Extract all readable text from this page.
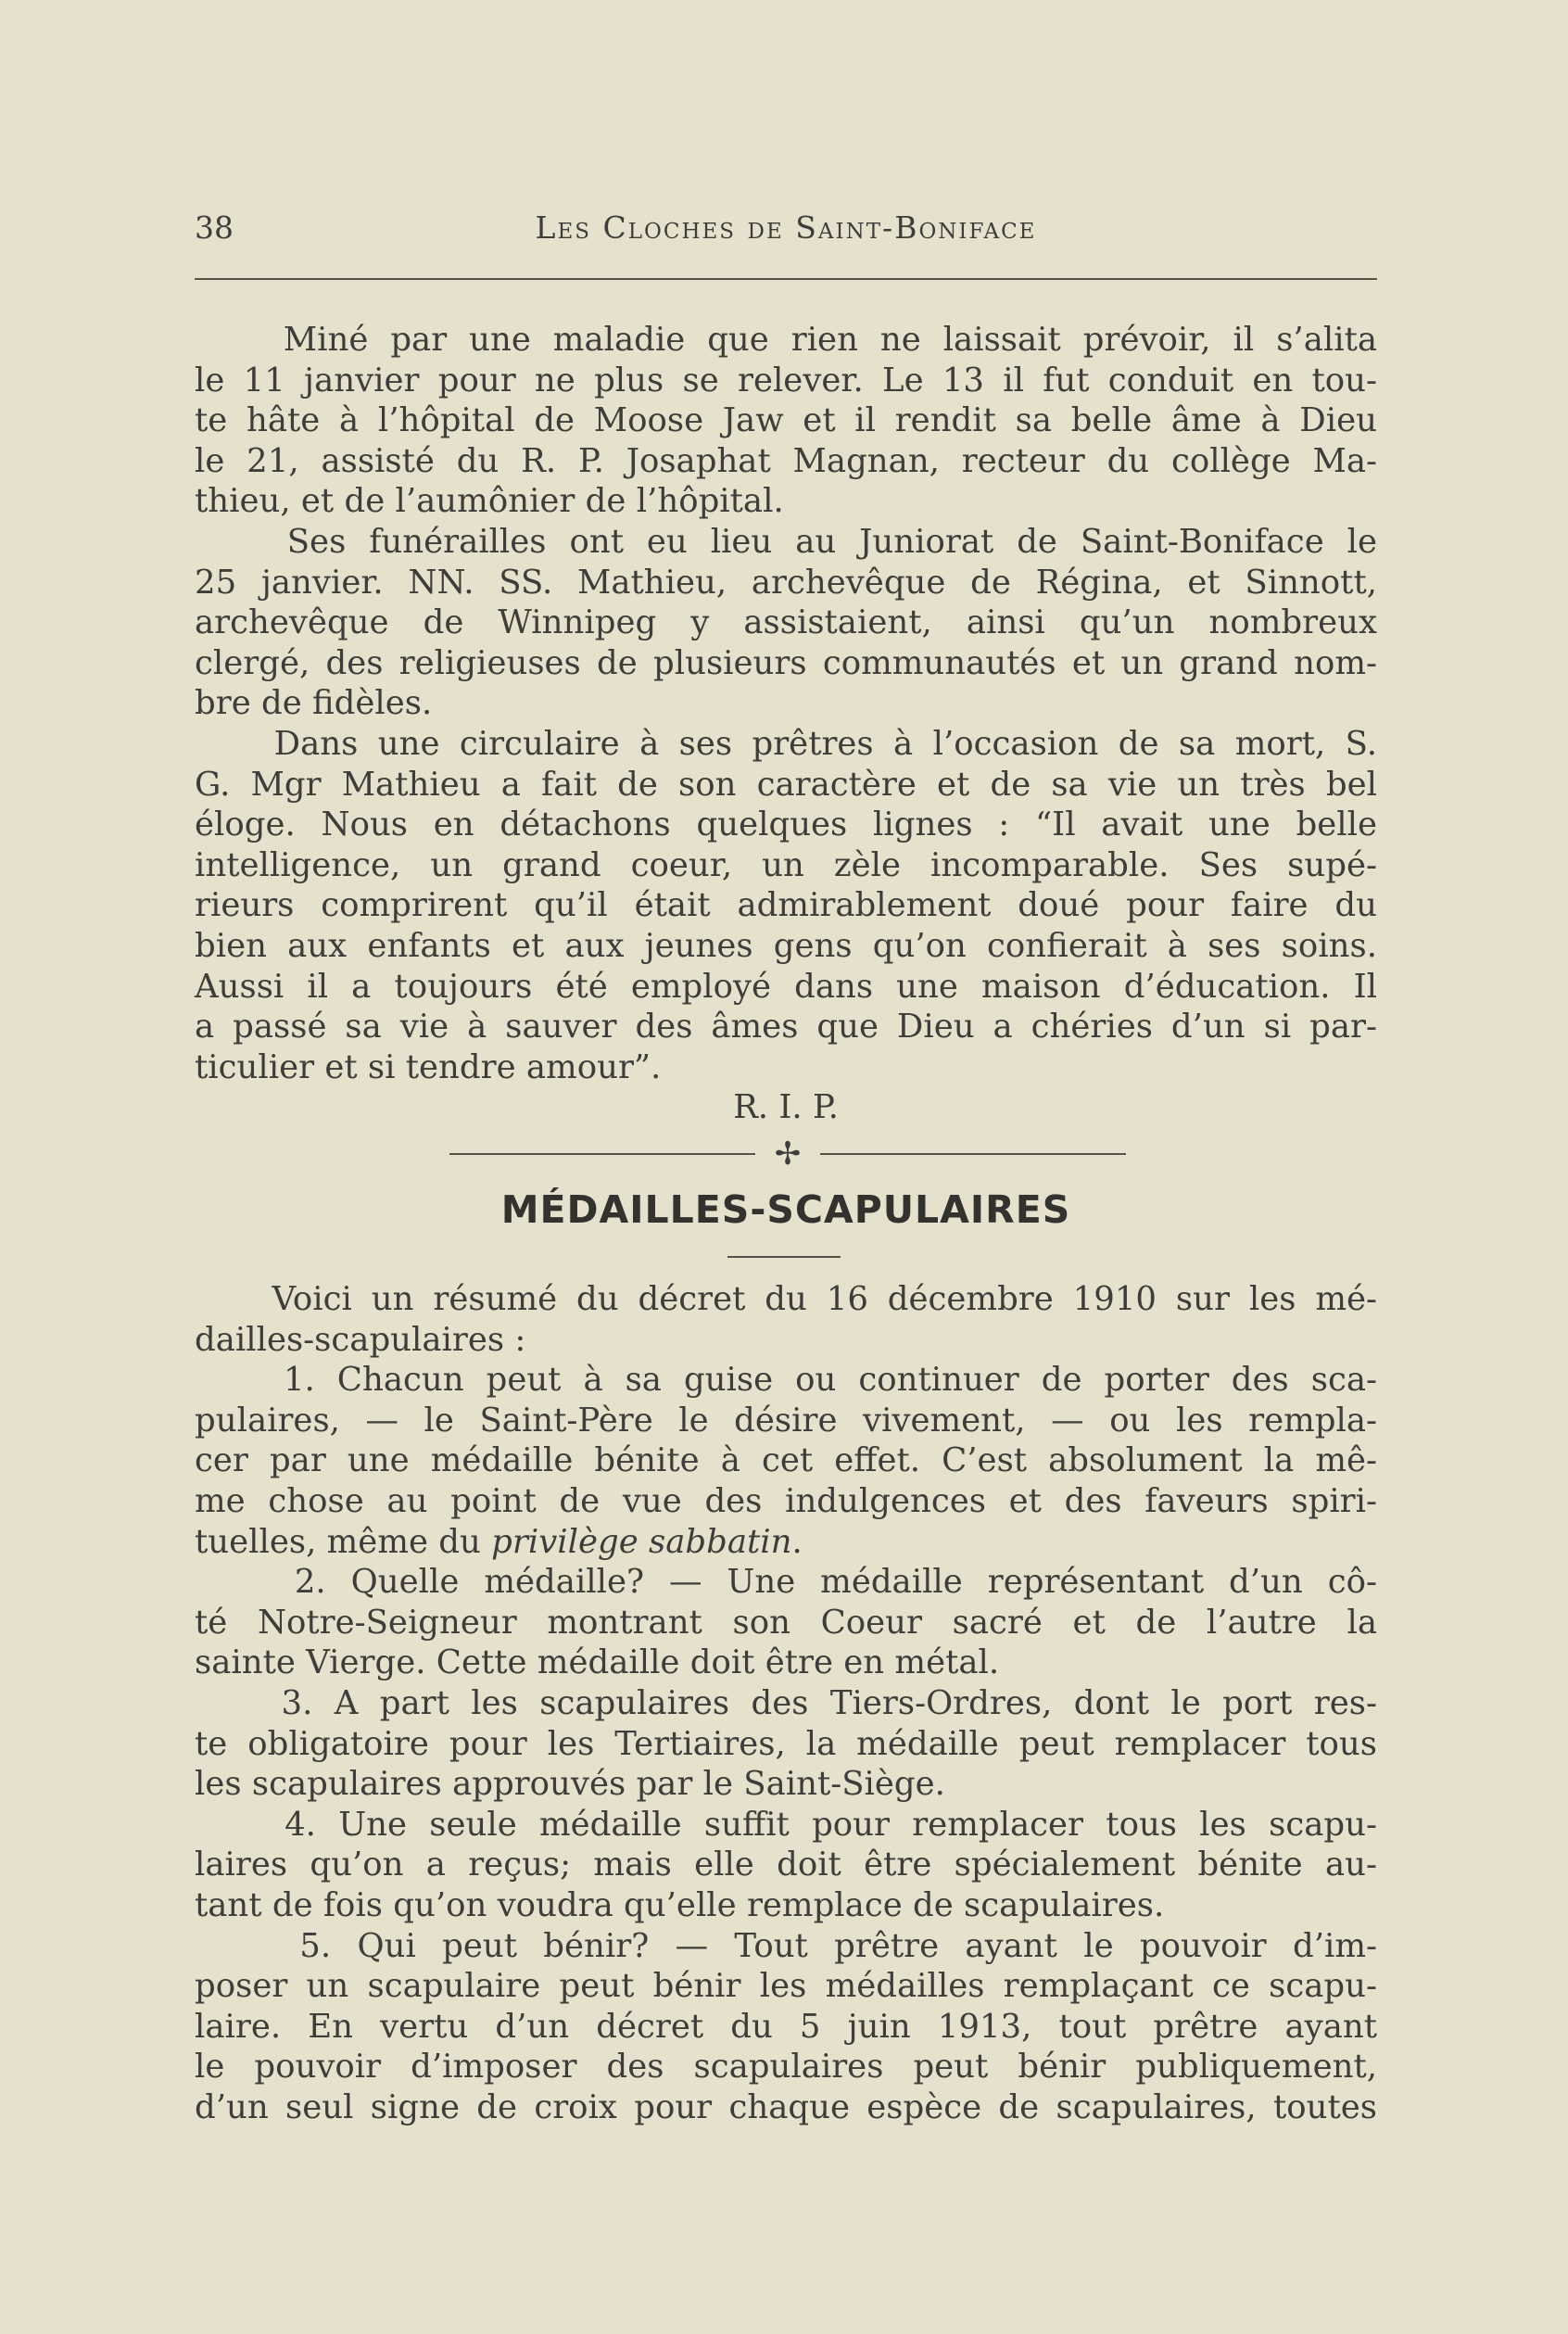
38	Les Cloches de Saint-Boniface
Miné par une maladie que rien ne laissait prévoir, il s’alita
le 11 janvier pour ne plus se relever. Le 13 il fut conduit en tou-
te hâte à l’hôpital de Moose Jaw et il rendit sa belle âme à Dieu
le 21, assisté du R. P. Josaphat Magnan, recteur du collège Ma-
thieu, et de l’aumônier de l’hôpital.
Ses funérailles ont eu lieu au Juniorat de Saint-Boniface le
25 janvier. NN. SS. Mathieu, archevêque de Régina, et Sinnott,
archevêque de Winnipeg y assistaient, ainsi qu’un nombreux
clergé, des religieuses de plusieurs communautés et un grand nom-
bre de fidèles.
Dans une circulaire à ses prêtres à l’occasion de sa mort, S.
G. Mgr Mathieu a fait de son caractère et de sa vie un très bel
éloge. Nous en détachons quelques lignes : “Il avait une belle
intelligence, un grand coeur, un zèle incomparable. Ses supé-
rieurs comprirent qu’il était admirablement doué pour faire du
bien aux enfants et aux jeunes gens qu’on confierait à ses soins.
Aussi il a toujours été employé dans une maison d’éducation. Il
a passé sa vie à sauver des âmes que Dieu a chéries d’un si par-
ticulier et si tendre amour”.
R. I. P.
✢
MÉDAILLES-SCAPULAIRES
Voici un résumé du décret du 16 décembre 1910 sur les mé-
dailles-scapulaires :
1. Chacun peut à sa guise ou continuer de porter des sca-
pulaires, — le Saint-Père le désire vivement, — ou les rempla-
cer par une médaille bénite à cet effet. C’est absolument la mê-
me chose au point de vue des indulgences et des faveurs spiri-
tuelles, même du privilège sabbatin.
2. Quelle médaille? — Une médaille représentant d’un cô-
té Notre-Seigneur montrant son Coeur sacré et de l’autre la
sainte Vierge. Cette médaille doit être en métal.
3. A part les scapulaires des Tiers-Ordres, dont le port res-
te obligatoire pour les Tertiaires, la médaille peut remplacer tous
les scapulaires approuvés par le Saint-Siège.
4. Une seule médaille suffit pour remplacer tous les scapu-
laires qu’on a reçus; mais elle doit être spécialement bénite au-
tant de fois qu’on voudra qu’elle remplace de scapulaires.
5. Qui peut bénir? — Tout prêtre ayant le pouvoir d’im-
poser un scapulaire peut bénir les médailles remplaçant ce scapu-
laire. En vertu d’un décret du 5 juin 1913, tout prêtre ayant
le pouvoir d’imposer des scapulaires peut bénir publiquement,
d’un seul signe de croix pour chaque espèce de scapulaires, toutes
